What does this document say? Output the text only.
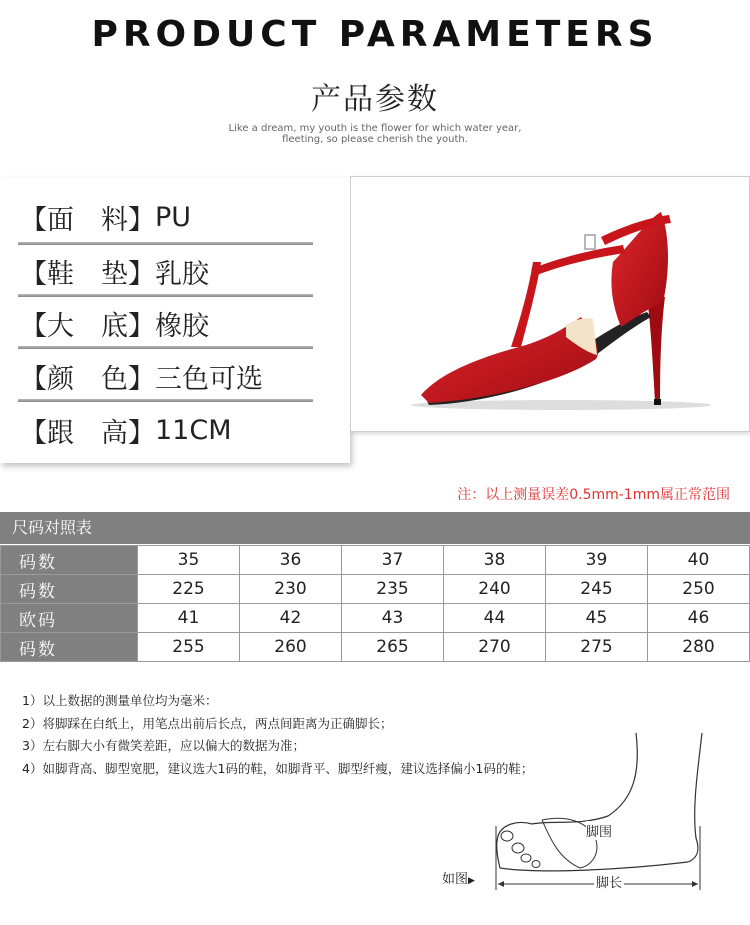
PRODUCT PARAMETERS
产品参数
Like a dream, my youth is the flower for which water year,
fleeting, so please cherish the youth.
【面　料】 PU
【鞋　垫】 乳胶
【大　底】 橡胶
【颜　色】 三色可选
【跟　高】 11CM
注：以上测量误差0.5mm-1mm属正常范围
尺码对照表
码数	35	36	37	38	39	40
码数	225	230	235	240	245	250
欧码	41	42	43	44	45	46
码数	255	260	265	270	275	280
1）以上数据的测量单位均为毫米：
2）将脚踩在白纸上，用笔点出前后长点，两点间距离为正确脚长；
3）左右脚大小有微笑差距，应以偏大的数据为准；
4）如脚背高、脚型宽肥，建议选大1码的鞋，如脚背平、脚型纤瘦，建议选择偏小1码的鞋；
脚围
脚长
如图▶
